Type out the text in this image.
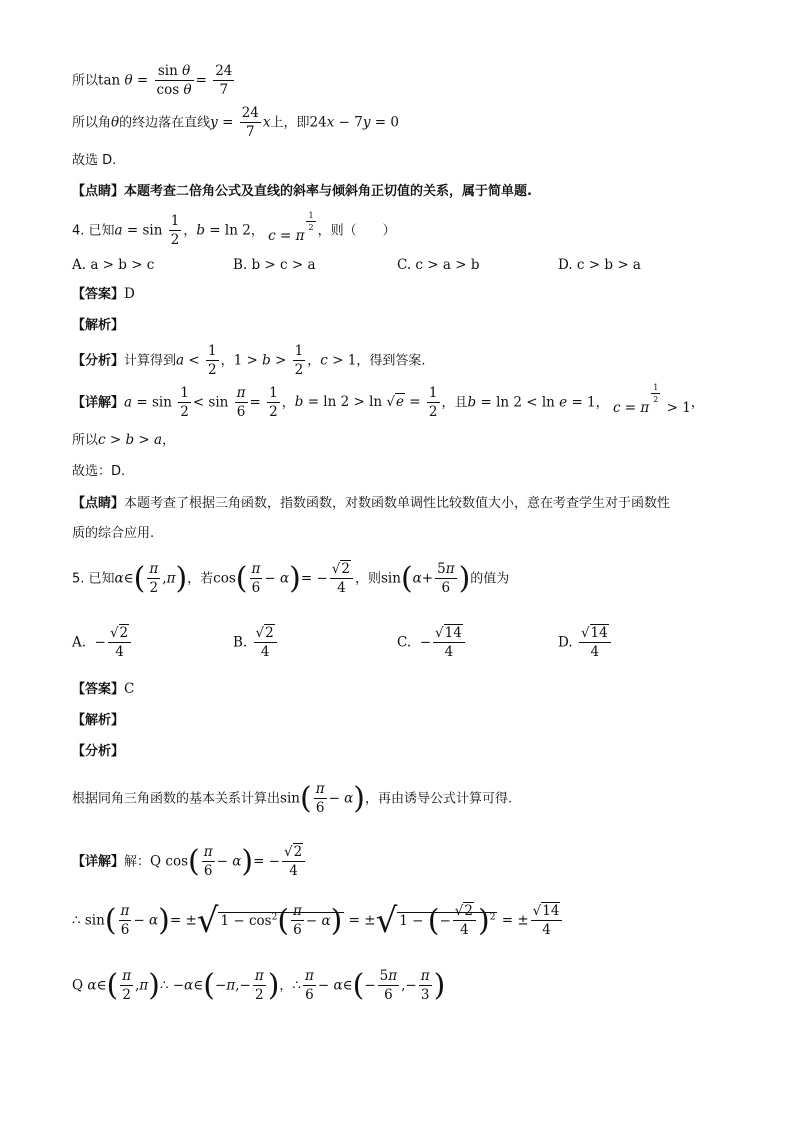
所以$\tan \theta = \frac{\text{sin θ}}{\text{cos θ}} = \frac{24}{7}$
所以角θ的终边落在直线$y = \frac{24}{7}$ x上，即24x − 7y = 0
故选 D.
【点睛】本题考查二倍角公式及直线的斜率与倾斜角正切值的关系，属于简单题.
4. 已知$a = \sin \frac{1}{2}$ ，b = ln 2， c = π
$^{\frac{1}{2}}$ ，则（　　）
A. a > b > c	B. b > c > a	C. c > a > b	D. c > b > a
【答案】D
【解析】
【分析】计算得到$a < \frac{1}{2}$ ，$1 > b > \frac{1}{2}$ ，c > 1，得到答案.
【详解】$a = \sin \frac{1}{2} < \sin \frac{\pi}{6} = \frac{1}{2}$ ，$b = \ln 2 > \ln √e = \frac{1}{2}$ ，且b = ln 2 < ln e = 1， c = π
$^{\frac{1}{2}}$
> 1，
所以c > b > a，
故选：D.
【点睛】本题考查了根据三角函数，指数函数，对数函数单调性比较数值大小，意在考查学生对于函数性
质的综合应用.
5. 已知α∈( $\frac{\pi}{2} ,\pi$)，若$\cos( \frac{\pi}{6} - \alpha)= - \frac{√2}{4}$ ，则$\sin(\alpha+ \frac{5\pi}{6}$ )的值为
A.  − $\frac{√2}{4}$	B. $\frac{√2}{4}$	C.  − $\frac{√14}{4}$	D. $\frac{√14}{4}$
【答案】C
【解析】
【分析】
根据同角三角函数的基本关系计算出$\sin( \frac{\pi}{6} - \alpha)$，再由诱导公式计算可得.
【详解】解：Q $\cos( \frac{\pi}{6} - \alpha)= - \frac{√2}{4}$
∴ $\sin( \frac{\pi}{6} - \alpha)=$ ±√ $1 - \cos^2( \frac{\pi}{6} - \alpha)$ = ±√ 1 − (− $\frac{√2}{4} )^2$ = ± $\frac{√14}{4}$
Q α∈( $\frac{\pi}{2}$ ,π)∴ −α∈(−π,− $\frac{\pi}{2}$ )，∴ $\frac{\pi}{6}$ − α∈(− $\frac{5\pi}{6}$ ,− $\frac{\pi}{3}$ )
